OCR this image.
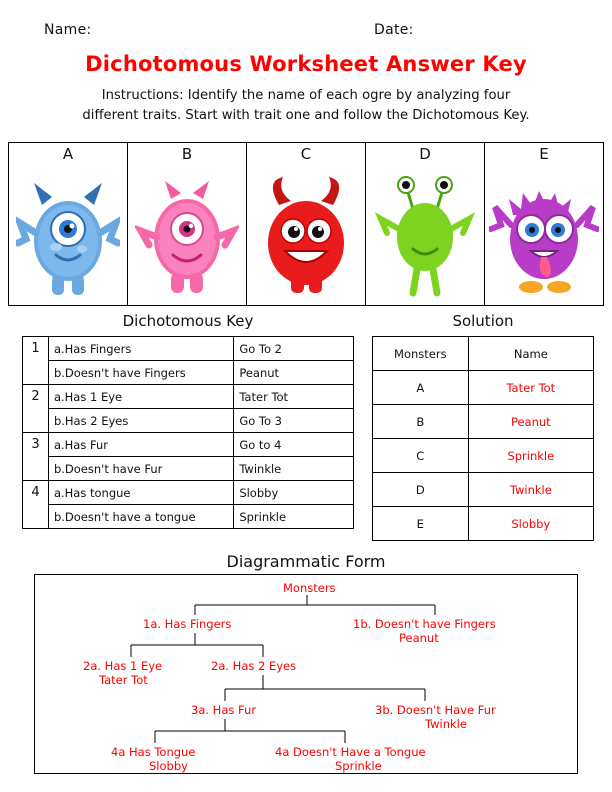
Name:	Date:
Dichotomous Worksheet Answer Key
Instructions: Identify the name of each ogre by analyzing four
different traits. Start with trait one and follow the Dichotomous Key.
A	B	C	D	E
Dichotomous Key	Solution
1	a.Has Fingers	Go To 2
	b.Doesn't have Fingers	Peanut
2	a.Has 1 Eye	Tater Tot
	b.Has 2 Eyes	Go To 3
3	a.Has Fur	Go to 4
	b.Doesn't have Fur	Twinkle
4	a.Has tongue	Slobby
	b.Doesn't have a tongue	Sprinkle
Monsters	Name
A	Tater Tot
B	Peanut
C	Sprinkle
D	Twinkle
E	Slobby
Diagrammatic Form
Monsters
1a. Has Fingers	1b. Doesn't have Fingers
Peanut
2a. Has 1 Eye
Tater Tot
2a. Has 2 Eyes
3a. Has Fur	3b. Doesn't Have Fur
Twinkle
4a Has Tongue
Slobby
4a Doesn't Have a Tongue
Sprinkle
